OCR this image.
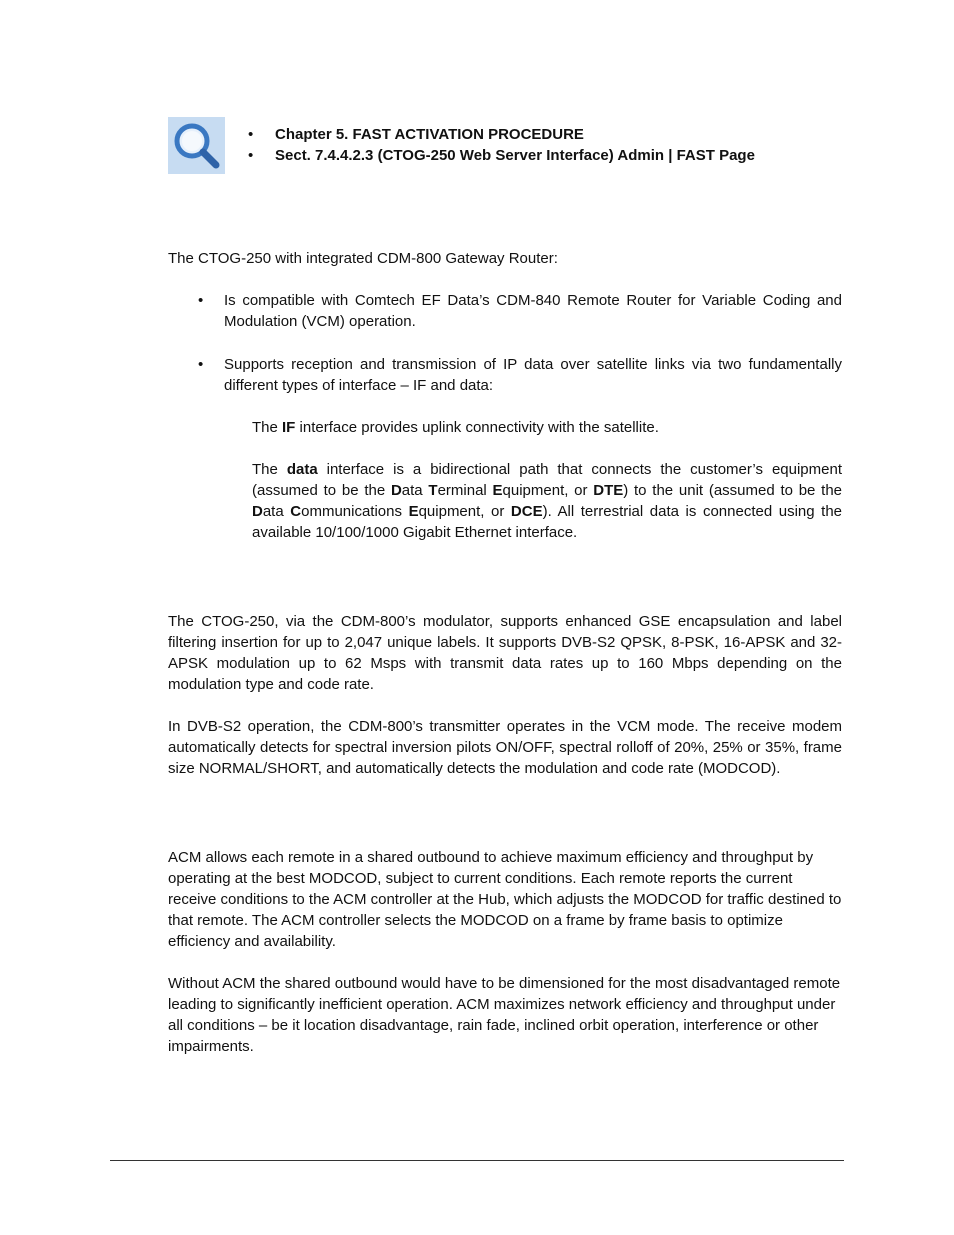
• Chapter 5. FAST ACTIVATION PROCEDURE
• Sect. 7.4.4.2.3 (CTOG-250 Web Server Interface) Admin | FAST Page
The CTOG-250 with integrated CDM-800 Gateway Router:
• Is compatible with Comtech EF Data’s CDM-840 Remote Router for Variable Coding and Modulation (VCM) operation.
• Supports reception and transmission of IP data over satellite links via two fundamentally different types of interface – IF and data:
The IF interface provides uplink connectivity with the satellite.
The data interface is a bidirectional path that connects the customer’s equipment (assumed to be the Data Terminal Equipment, or DTE) to the unit (assumed to be the Data Communications Equipment, or DCE). All terrestrial data is connected using the available 10/100/1000 Gigabit Ethernet interface.
The CTOG-250, via the CDM-800’s modulator, supports enhanced GSE encapsulation and label filtering insertion for up to 2,047 unique labels. It supports DVB-S2 QPSK, 8-PSK, 16-APSK and 32-APSK modulation up to 62 Msps with transmit data rates up to 160 Mbps depending on the modulation type and code rate.
In DVB-S2 operation, the CDM-800’s transmitter operates in the VCM mode. The receive modem automatically detects for spectral inversion pilots ON/OFF, spectral rolloff of 20%, 25% or 35%, frame size NORMAL/SHORT, and automatically detects the modulation and code rate (MODCOD).
ACM allows each remote in a shared outbound to achieve maximum efficiency and throughput by operating at the best MODCOD, subject to current conditions. Each remote reports the current receive conditions to the ACM controller at the Hub, which adjusts the MODCOD for traffic destined to that remote. The ACM controller selects the MODCOD on a frame by frame basis to optimize efficiency and availability.
Without ACM the shared outbound would have to be dimensioned for the most disadvantaged remote leading to significantly inefficient operation. ACM maximizes network efficiency and throughput under all conditions – be it location disadvantage, rain fade, inclined orbit operation, interference or other impairments.
